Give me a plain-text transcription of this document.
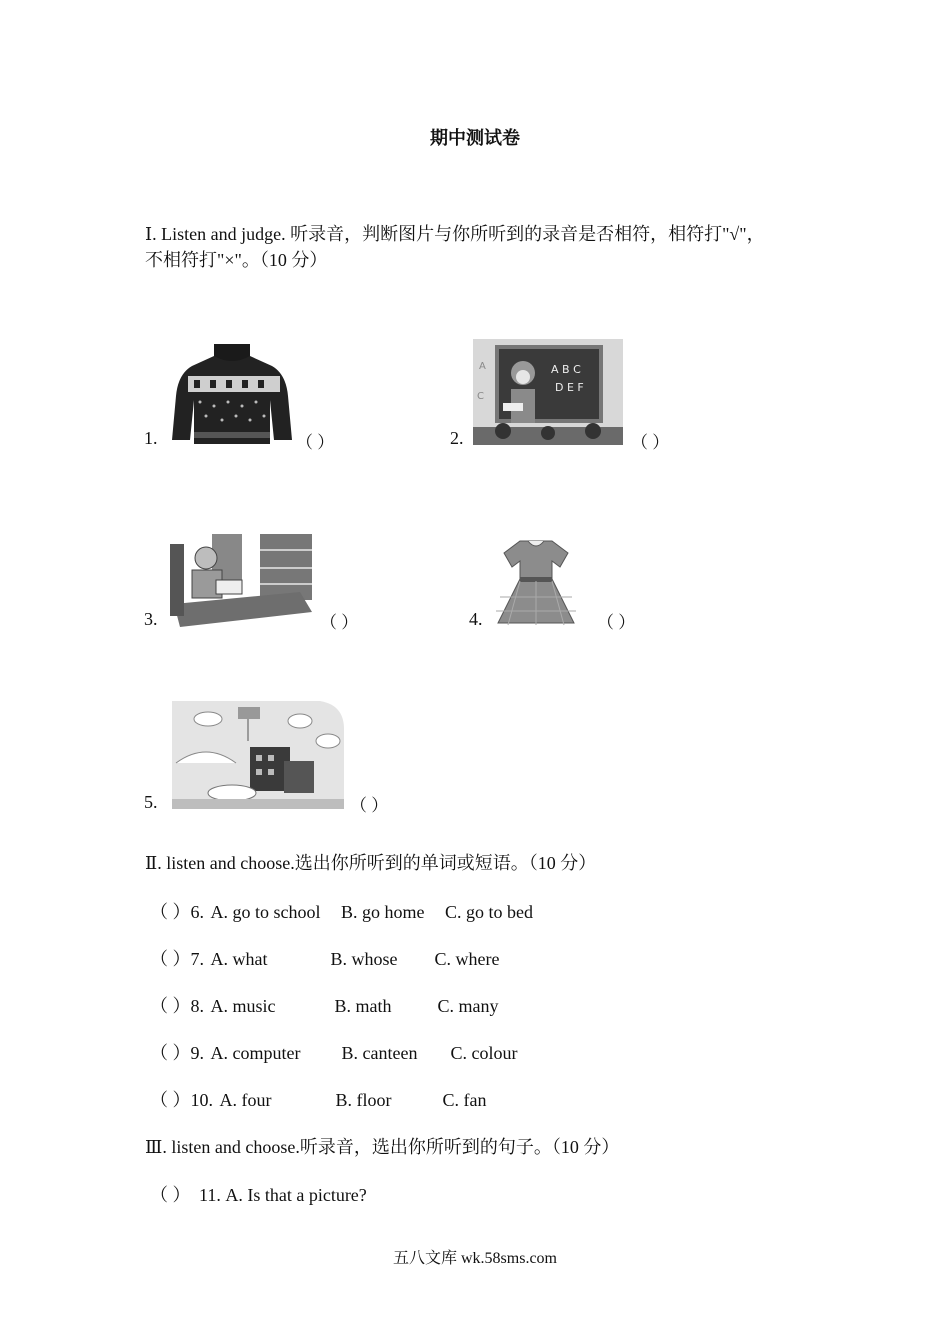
期中测试卷
Ⅰ. Listen and judge. 听录音，判断图片与你所听到的录音是否相符，相符打"√"，
不相符打"×"。（10 分）
1.	（ ）	2.
A B C
D E F
A
C
（ ）
3.	（ ）	4.	（ ）
5.	（ ）
Ⅱ. listen and choose.选出你所听到的单词或短语。（10 分）
（ ）6. A. go to school B. go home C. go to bed
（ ）7. A. what	B. whose C. where
（ ）8. A. music	B. math	C. many
（ ）9. A. computer B. canteen C. colour
（ ）10. A. four	B. floor	C. fan
Ⅲ. listen and choose.听录音，选出你所听到的句子。（10 分）
（ ） 11. A. Is that a picture?
五八文库 wk.58sms.com
